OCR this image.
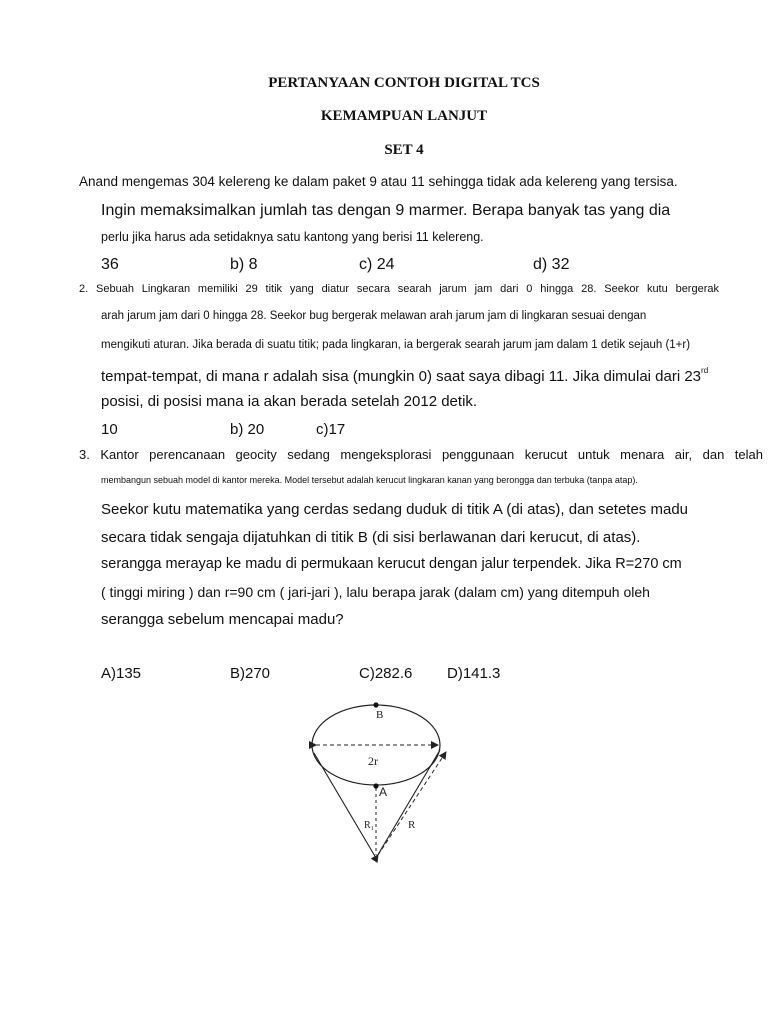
PERTANYAAN CONTOH DIGITAL TCS
KEMAMPUAN LANJUT
SET 4
Anand mengemas 304 kelereng ke dalam paket 9 atau 11 sehingga tidak ada kelereng yang tersisa.
Ingin memaksimalkan jumlah tas dengan 9 marmer. Berapa banyak tas yang dia
perlu jika harus ada setidaknya satu kantong yang berisi 11 kelereng.
36	b) 8	c) 24	d) 32
2. Sebuah Lingkaran memiliki 29 titik yang diatur secara searah jarum jam dari 0 hingga 28. Seekor kutu bergerak
arah jarum jam dari 0 hingga 28. Seekor bug bergerak melawan arah jarum jam di lingkaran sesuai dengan
mengikuti aturan. Jika berada di suatu titik; pada lingkaran, ia bergerak searah jarum jam dalam 1 detik sejauh (1+r)
tempat-tempat, di mana r adalah sisa (mungkin 0) saat saya dibagi 11. Jika dimulai dari 23rd
posisi, di posisi mana ia akan berada setelah 2012 detik.
10	b) 20	c)17
3. Kantor perencanaan geocity sedang mengeksplorasi penggunaan kerucut untuk menara air, dan telah
membangun sebuah model di kantor mereka. Model tersebut adalah kerucut lingkaran kanan yang berongga dan terbuka (tanpa atap).
Seekor kutu matematika yang cerdas sedang duduk di titik A (di atas), dan setetes madu
secara tidak sengaja dijatuhkan di titik B (di sisi berlawanan dari kerucut, di atas).
serangga merayap ke madu di permukaan kerucut dengan jalur terpendek. Jika R=270 cm
( tinggi miring ) dan r=90 cm ( jari-jari ), lalu berapa jarak (dalam cm) yang ditempuh oleh
serangga sebelum mencapai madu?
A)135	B)270	C)282.6 D)141.3
B
2r
A
R₁	R
